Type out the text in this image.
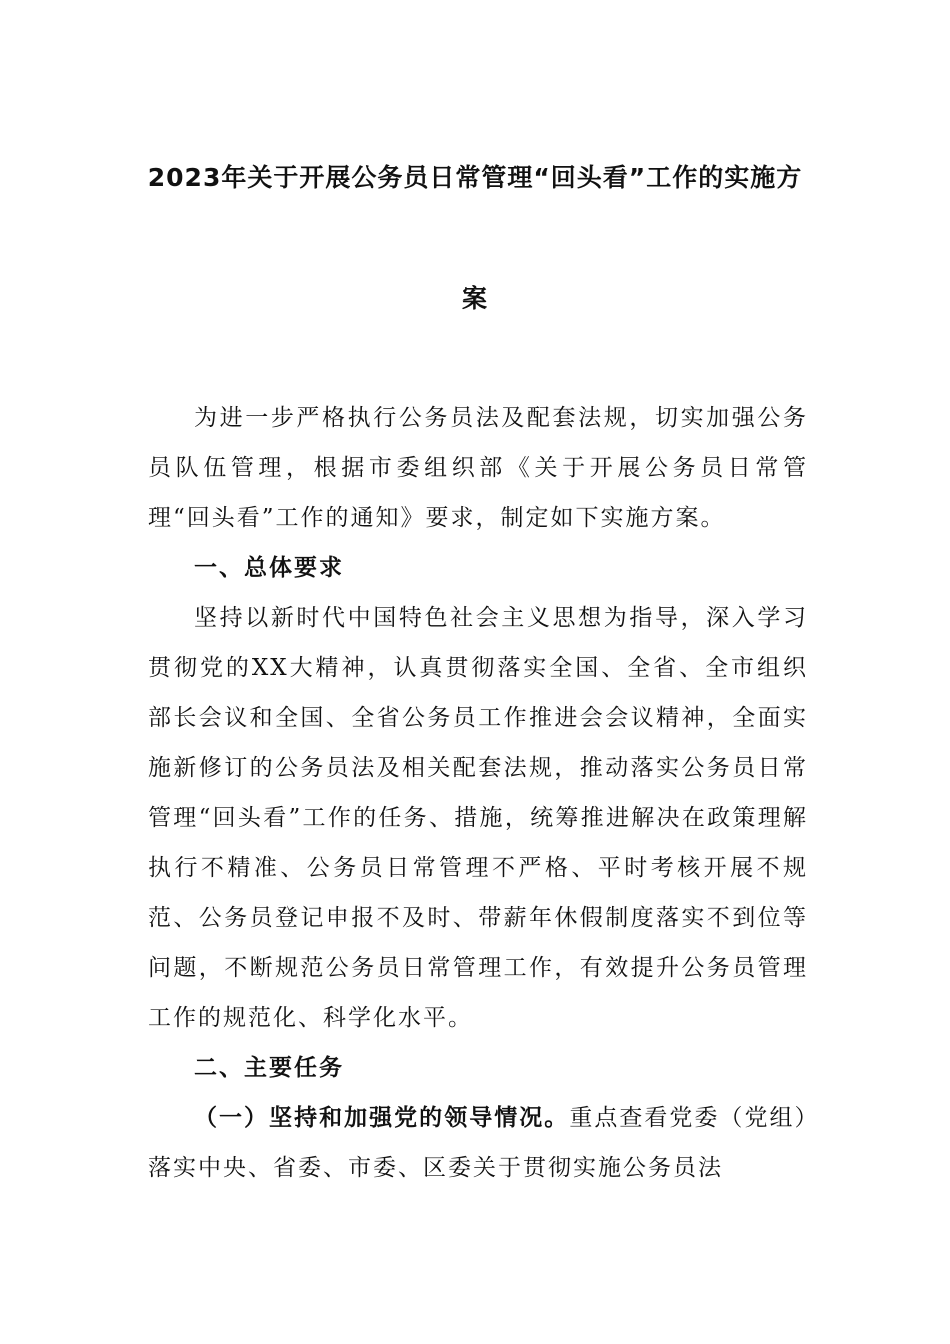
2023年关于开展公务员日常管理“回头看”工作的实施方
案

为进一步严格执行公务员法及配套法规，切实加强公务员队伍管理，根据市委组织部《关于开展公务员日常管理“回头看”工作的通知》要求，制定如下实施方案。

一、总体要求

坚持以新时代中国特色社会主义思想为指导，深入学习贯彻党的XX大精神，认真贯彻落实全国、全省、全市组织部长会议和全国、全省公务员工作推进会会议精神，全面实施新修订的公务员法及相关配套法规，推动落实公务员日常管理“回头看”工作的任务、措施，统筹推进解决在政策理解执行不精准、公务员日常管理不严格、平时考核开展不规范、公务员登记申报不及时、带薪年休假制度落实不到位等问题，不断规范公务员日常管理工作，有效提升公务员管理工作的规范化、科学化水平。

二、主要任务

（一）坚持和加强党的领导情况。重点查看党委（党组）落实中央、省委、市委、区委关于贯彻实施公务员法
